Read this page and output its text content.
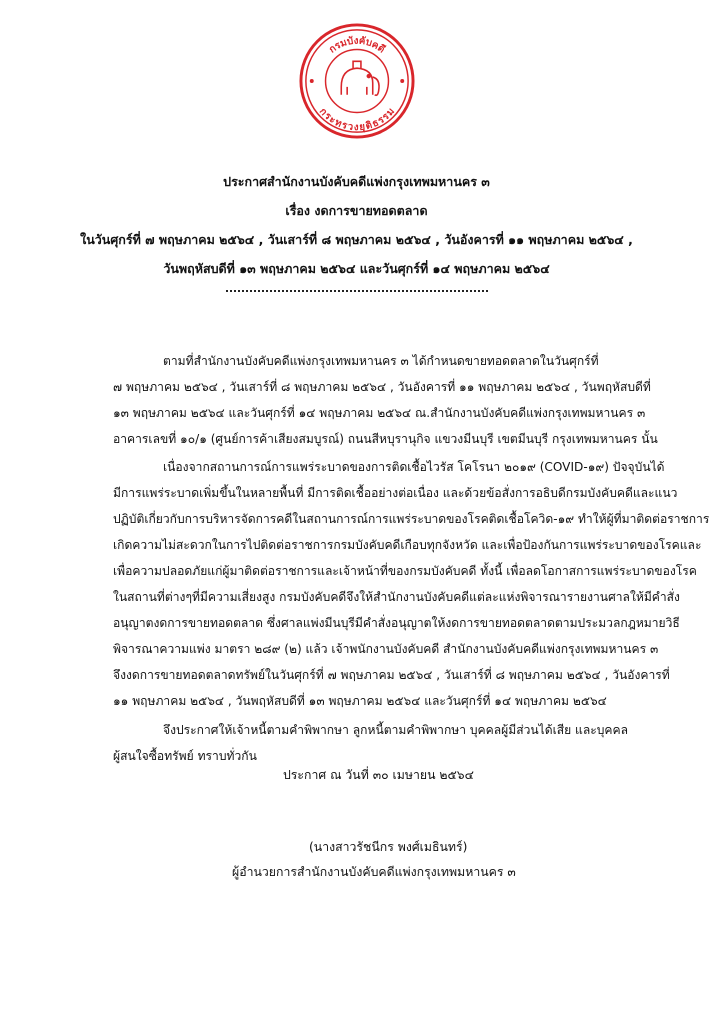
กรมบังคับคดี
กระทรวงยุติธรรม
ประกาศสำนักงานบังคับคดีแพ่งกรุงเทพมหานคร ๓
เรื่อง งดการขายทอดตลาด
ในวันศุกร์ที่ ๗ พฤษภาคม ๒๕๖๔ , วันเสาร์ที่ ๘ พฤษภาคม ๒๕๖๔ , วันอังคารที่ ๑๑ พฤษภาคม ๒๕๖๔ ,
วันพฤหัสบดีที่ ๑๓ พฤษภาคม ๒๕๖๔ และวันศุกร์ที่ ๑๔ พฤษภาคม ๒๕๖๔
ตามที่สำนักงานบังคับคดีแพ่งกรุงเทพมหานคร ๓ ได้กำหนดขายทอดตลาดในวันศุกร์ที่
๗ พฤษภาคม ๒๕๖๔ , วันเสาร์ที่ ๘ พฤษภาคม ๒๕๖๔ , วันอังคารที่ ๑๑ พฤษภาคม ๒๕๖๔ , วันพฤหัสบดีที่
๑๓ พฤษภาคม ๒๕๖๔ และวันศุกร์ที่ ๑๔ พฤษภาคม ๒๕๖๔ ณ.สำนักงานบังคับคดีแพ่งกรุงเทพมหานคร ๓
อาคารเลขที่ ๑๐/๑ (ศูนย์การค้าเสียงสมบูรณ์) ถนนสีหบุรานุกิจ แขวงมีนบุรี เขตมีนบุรี กรุงเทพมหานคร นั้น
เนื่องจากสถานการณ์การแพร่ระบาดของการติดเชื้อไวรัส โคโรนา ๒๐๑๙ (COVID-๑๙) ปัจจุบันได้
มีการแพร่ระบาดเพิ่มขึ้นในหลายพื้นที่ มีการติดเชื้ออย่างต่อเนื่อง และด้วยข้อสั่งการอธิบดีกรมบังคับคดีและแนว
ปฏิบัติเกี่ยวกับการบริหารจัดการคดีในสถานการณ์การแพร่ระบาดของโรคติดเชื้อโควิด-๑๙ ทำให้ผู้ที่มาติดต่อราชการ
เกิดความไม่สะดวกในการไปติดต่อราชการกรมบังคับคดีเกือบทุกจังหวัด และเพื่อป้องกันการแพร่ระบาดของโรคและ
เพื่อความปลอดภัยแก่ผู้มาติดต่อราชการและเจ้าหน้าที่ของกรมบังคับคดี ทั้งนี้ เพื่อลดโอกาสการแพร่ระบาดของโรค
ในสถานที่ต่างๆที่มีความเสี่ยงสูง กรมบังคับคดีจึงให้สำนักงานบังคับคดีแต่ละแห่งพิจารณารายงานศาลให้มีคำสั่ง
อนุญาตงดการขายทอดตลาด ซึ่งศาลแพ่งมีนบุรีมีคำสั่งอนุญาตให้งดการขายทอดตลาดตามประมวลกฎหมายวิธี
พิจารณาความแพ่ง มาตรา ๒๘๙ (๒) แล้ว เจ้าพนักงานบังคับคดี สำนักงานบังคับคดีแพ่งกรุงเทพมหานคร ๓
จึงงดการขายทอดตลาดทรัพย์ในวันศุกร์ที่ ๗ พฤษภาคม ๒๕๖๔ , วันเสาร์ที่ ๘ พฤษภาคม ๒๕๖๔ , วันอังคารที่
๑๑ พฤษภาคม ๒๕๖๔ , วันพฤหัสบดีที่ ๑๓ พฤษภาคม ๒๕๖๔ และวันศุกร์ที่ ๑๔ พฤษภาคม ๒๕๖๔
จึงประกาศให้เจ้าหนี้ตามคำพิพากษา ลูกหนี้ตามคำพิพากษา บุคคลผู้มีส่วนได้เสีย และบุคคล
ผู้สนใจซื้อทรัพย์ ทราบทั่วกัน
ประกาศ ณ วันที่ ๓๐ เมษายน ๒๕๖๔
(นางสาวรัชนีกร พงศ์เมธินทร์)
ผู้อำนวยการสำนักงานบังคับคดีแพ่งกรุงเทพมหานคร ๓
